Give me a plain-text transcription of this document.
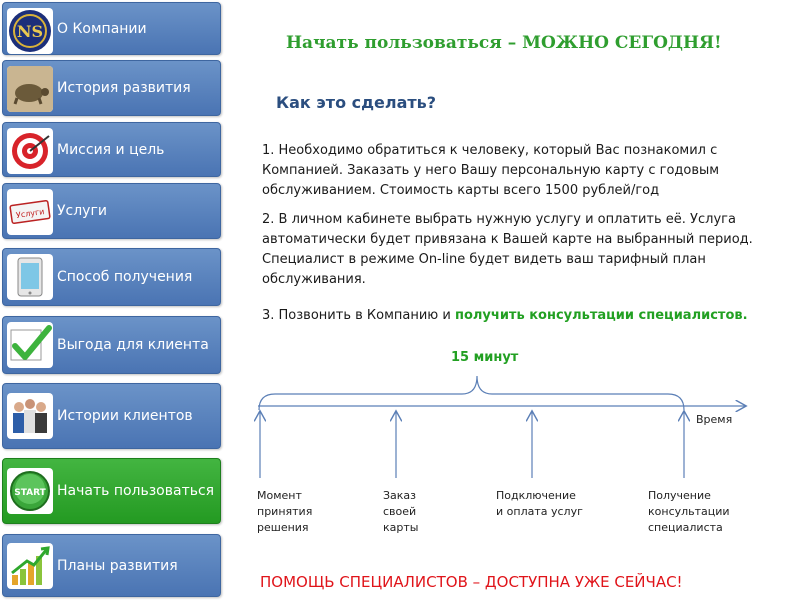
NS О Компании
История развития
Миссия и цель
Услуги Услуги
Способ получения
Выгода для клиента
Истории клиентов
START Начать пользоваться
Планы развития
Начать пользоваться – МОЖНО СЕГОДНЯ!
Как это сделать?
1. Необходимо обратиться к человеку, который Вас познакомил с Компанией. Заказать у него Вашу персональную карту с годовым обслуживанием. Стоимость карты всего 1500 рублей/год
2. В личном кабинете выбрать нужную услугу и оплатить её. Услуга автоматически будет привязана к Вашей карте на выбранный период. Специалист в режиме On-line будет видеть ваш тарифный план обслуживания.
3. Позвонить в Компанию и получить консультации специалистов.
15 минут
Время
Момент
принятия
решения
Заказ
своей
карты
Подключение
и оплата услуг
Получение
консультации
специалиста
ПОМОЩЬ СПЕЦИАЛИСТОВ – ДОСТУПНА УЖЕ СЕЙЧАС!
